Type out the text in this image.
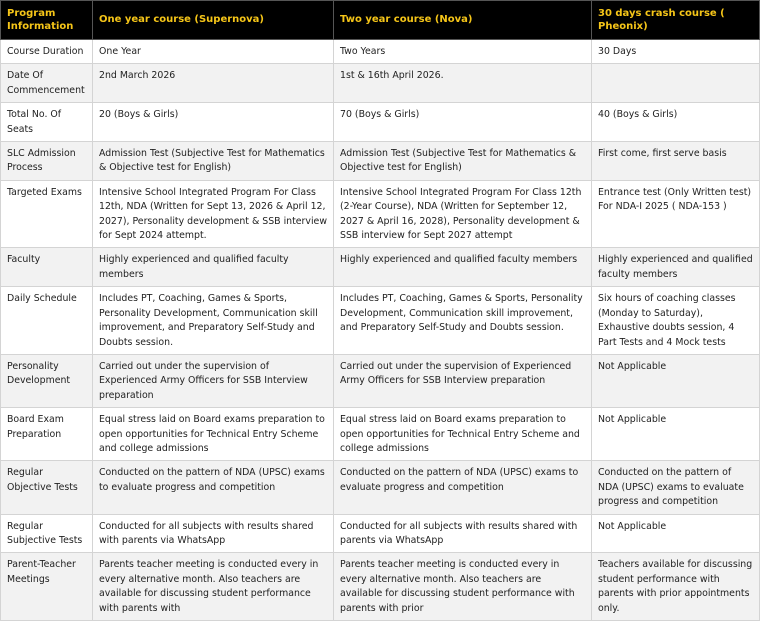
Program Information	One year course (Supernova)	Two year course (Nova)	30 days crash course ( Pheonix)
Course Duration	One Year	Two Years	30 Days
Date Of Commencement	2nd March 2026	1st & 16th April 2026.	
Total No. Of Seats	20 (Boys & Girls)	70 (Boys & Girls)	40 (Boys & Girls)
SLC Admission Process	Admission Test (Subjective Test for Mathematics & Objective test for English)	Admission Test (Subjective Test for Mathematics & Objective test for English)	First come, first serve basis
Targeted Exams	Intensive School Integrated Program For Class 12th, NDA (Written for Sept 13, 2026 & April 12, 2027), Personality development & SSB interview for Sept 2024 attempt.	Intensive School Integrated Program For Class 12th (2-Year Course), NDA (Written for September 12, 2027 & April 16, 2028), Personality development & SSB interview for Sept 2027 attempt	Entrance test (Only Written test) For NDA-I 2025 ( NDA-153 )
Faculty	Highly experienced and qualified faculty members	Highly experienced and qualified faculty members	Highly experienced and qualified faculty members
Daily Schedule	Includes PT, Coaching, Games & Sports, Personality Development, Communication skill improvement, and Preparatory Self-Study and Doubts session.	Includes PT, Coaching, Games & Sports, Personality Development, Communication skill improvement, and Preparatory Self-Study and Doubts session.	Six hours of coaching classes (Monday to Saturday), Exhaustive doubts session, 4 Part Tests and 4 Mock tests
Personality Development	Carried out under the supervision of Experienced Army Officers for SSB Interview preparation	Carried out under the supervision of Experienced Army Officers for SSB Interview preparation	Not Applicable
Board Exam Preparation	Equal stress laid on Board exams preparation to open opportunities for Technical Entry Scheme and college admissions	Equal stress laid on Board exams preparation to open opportunities for Technical Entry Scheme and college admissions	Not Applicable
Regular Objective Tests	Conducted on the pattern of NDA (UPSC) exams to evaluate progress and competition	Conducted on the pattern of NDA (UPSC) exams to evaluate progress and competition	Conducted on the pattern of NDA (UPSC) exams to evaluate progress and competition
Regular Subjective Tests	Conducted for all subjects with results shared with parents via WhatsApp	Conducted for all subjects with results shared with parents via WhatsApp	Not Applicable
Parent-Teacher Meetings	Parents teacher meeting is conducted every in every alternative month. Also teachers are available for discussing student performance with parents with	Parents teacher meeting is conducted every in every alternative month. Also teachers are available for discussing student performance with parents with prior	Teachers available for discussing student performance with parents with prior appointments only.
